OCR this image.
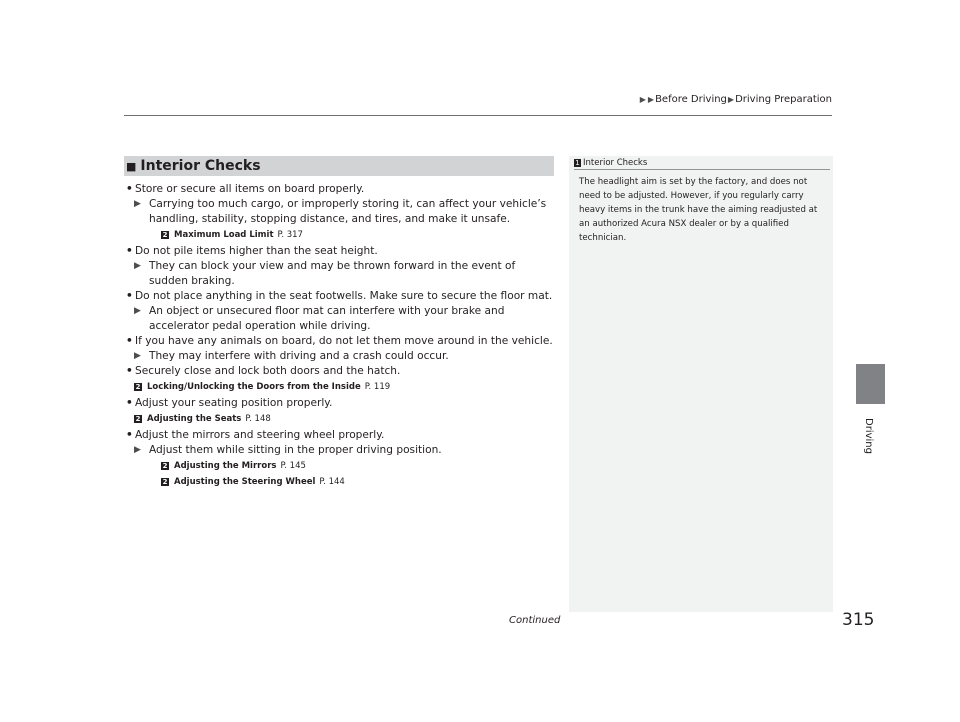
▶ ▶ Before Driving ▶ Driving Preparation
Driving
■ Interior Checks
• Store or secure all items on board properly.
▶ Carrying too much cargo, or improperly storing it, can affect your vehicle’s handling, stability, stopping distance, and tires, and make it unsafe.
2 Maximum Load Limit P. 317
• Do not pile items higher than the seat height.
▶ They can block your view and may be thrown forward in the event of sudden braking.
• Do not place anything in the seat footwells. Make sure to secure the floor mat.
▶ An object or unsecured floor mat can interfere with your brake and accelerator pedal operation while driving.
• If you have any animals on board, do not let them move around in the vehicle.
▶ They may interfere with driving and a crash could occur.
• Securely close and lock both doors and the hatch.
2 Locking/Unlocking the Doors from the Inside P. 119
• Adjust your seating position properly.
2 Adjusting the Seats P. 148
• Adjust the mirrors and steering wheel properly.
▶ Adjust them while sitting in the proper driving position.
2 Adjusting the Mirrors P. 145
2 Adjusting the Steering Wheel P. 144
1 Interior Checks
The headlight aim is set by the factory, and does not need to be adjusted. However, if you regularly carry heavy items in the trunk have the aiming readjusted at an authorized Acura NSX dealer or by a qualified technician.
Continued	315
